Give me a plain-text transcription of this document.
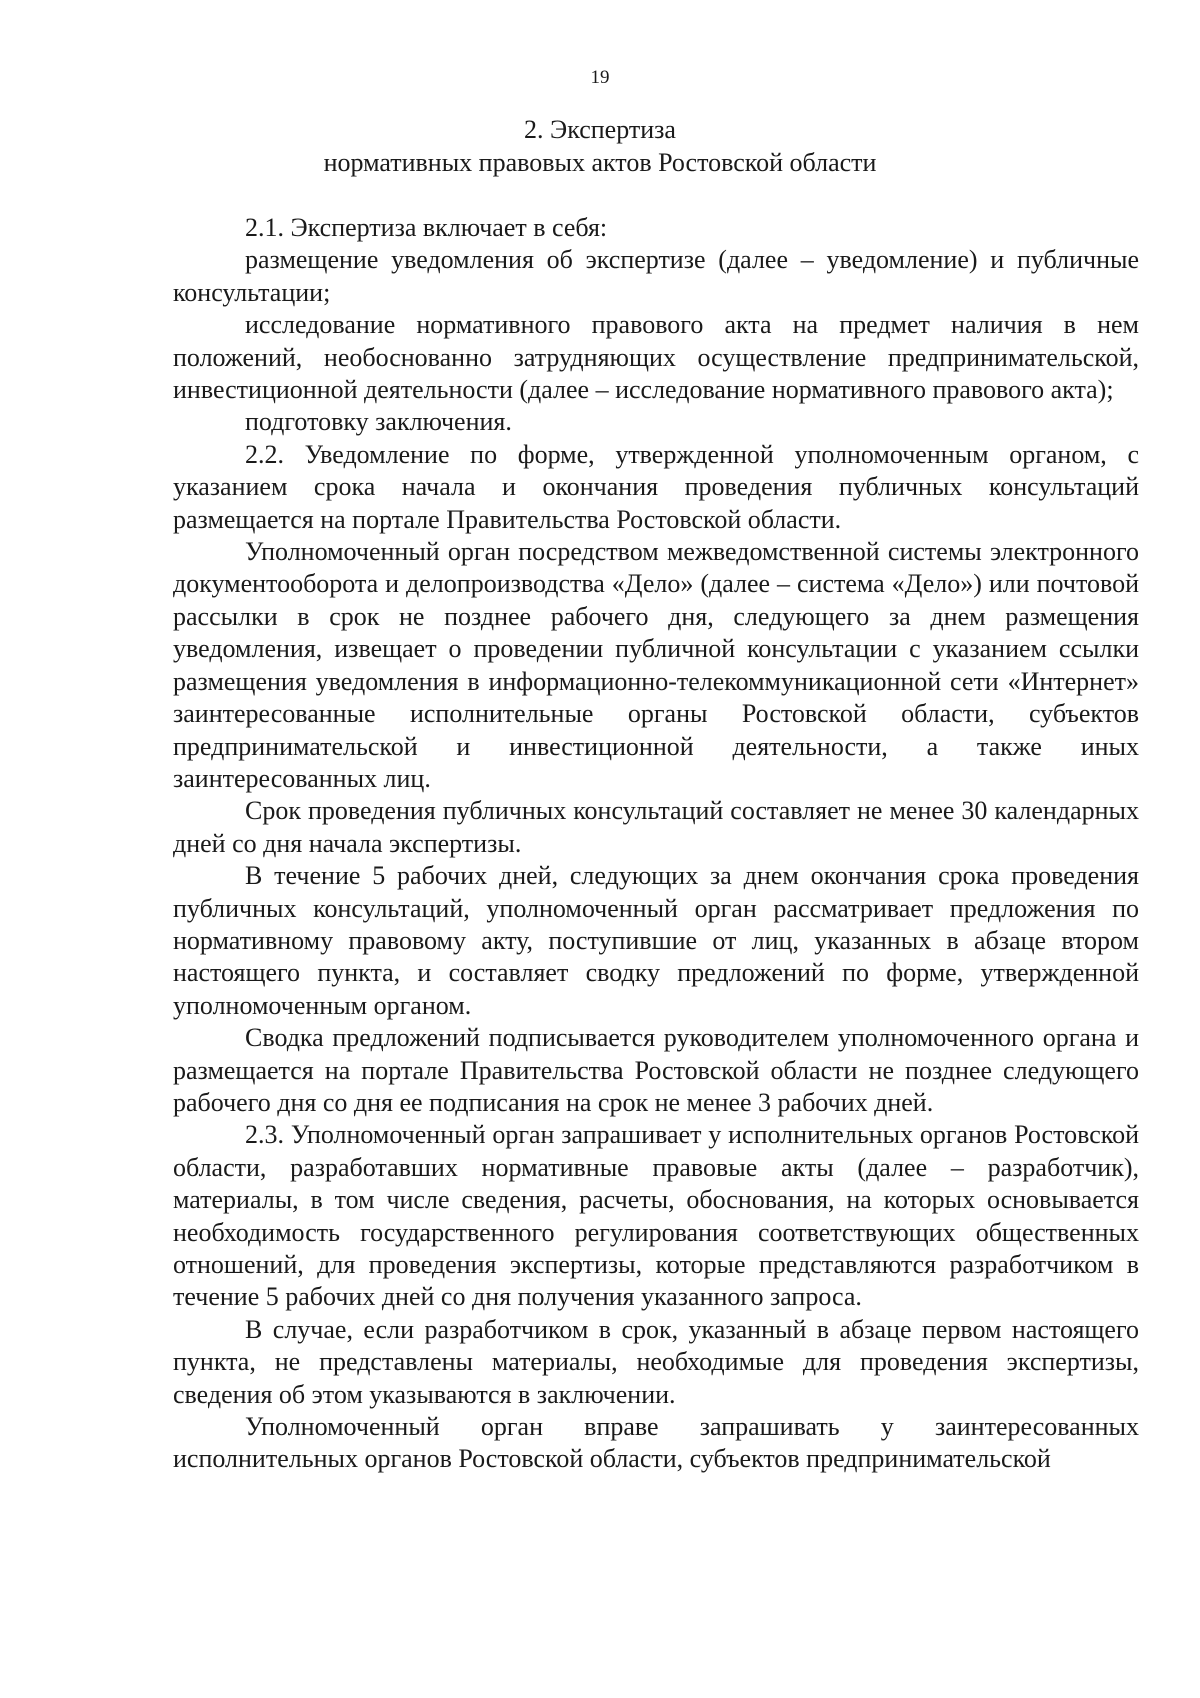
19
2. Экспертиза
нормативных правовых актов Ростовской области

2.1. Экспертиза включает в себя:

размещение уведомления об экспертизе (далее – уведомление) и публичные консультации;

исследование нормативного правового акта на предмет наличия в нем положений, необоснованно затрудняющих осуществление предпринимательской, инвестиционной деятельности (далее – исследование нормативного правового акта);

подготовку заключения.

2.2. Уведомление по форме, утвержденной уполномоченным органом, с указанием срока начала и окончания проведения публичных консультаций размещается на портале Правительства Ростовской области.

Уполномоченный орган посредством межведомственной системы электронного документооборота и делопроизводства «Дело» (далее – система «Дело») или почтовой рассылки в срок не позднее рабочего дня, следующего за днем размещения уведомления, извещает о проведении публичной консультации с указанием ссылки размещения уведомления в информационно-телекоммуникационной сети «Интернет» заинтересованные исполнительные органы Ростовской области, субъектов предпринимательской и инвестиционной деятельности, а также иных заинтересованных лиц.

Срок проведения публичных консультаций составляет не менее 30 календарных дней со дня начала экспертизы.

В течение 5 рабочих дней, следующих за днем окончания срока проведения публичных консультаций, уполномоченный орган рассматривает предложения по нормативному правовому акту, поступившие от лиц, указанных в абзаце втором настоящего пункта, и составляет сводку предложений по форме, утвержденной уполномоченным органом.

Сводка предложений подписывается руководителем уполномоченного органа и размещается на портале Правительства Ростовской области не позднее следующего рабочего дня со дня ее подписания на срок не менее 3 рабочих дней.

2.3. Уполномоченный орган запрашивает у исполнительных органов Ростовской области, разработавших нормативные правовые акты (далее – разработчик), материалы, в том числе сведения, расчеты, обоснования, на которых основывается необходимость государственного регулирования соответствующих общественных отношений, для проведения экспертизы, которые представляются разработчиком в течение 5 рабочих дней со дня получения указанного запроса.

В случае, если разработчиком в срок, указанный в абзаце первом настоящего пункта, не представлены материалы, необходимые для проведения экспертизы, сведения об этом указываются в заключении.

Уполномоченный орган вправе запрашивать у заинтересованных исполнительных органов Ростовской области, субъектов предпринимательской
